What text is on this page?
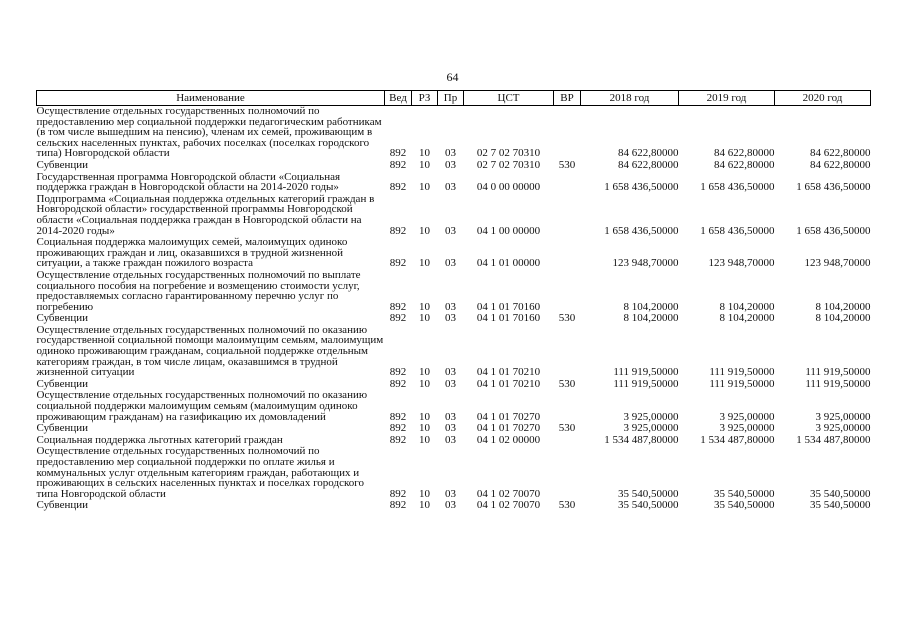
64
Наименование	Вед	РЗ	Пр	ЦСТ	ВР	2018 год	2019 год	2020 год
Осуществление отдельных государственных полномочий по предоставлению мер социальной поддержки педагогическим работникам (в том числе вышедшим на пенсию), членам их семей, проживающим в сельских населенных пунктах, рабочих поселках (поселках городского типа) Новгородской области	892	10	03	02 7 02 70310		84 622,80000	84 622,80000	84 622,80000
Субвенции	892	10	03	02 7 02 70310	530	84 622,80000	84 622,80000	84 622,80000
Государственная программа Новгородской области «Социальная поддержка граждан в Новгородской области на 2014-2020 годы»	892	10	03	04 0 00 00000		1 658 436,50000	1 658 436,50000	1 658 436,50000
Подпрограмма «Социальная поддержка отдельных категорий граждан в Новгородской области» государственной программы Новгородской области «Социальная поддержка граждан в Новгородской области на 2014-2020 годы»	892	10	03	04 1 00 00000		1 658 436,50000	1 658 436,50000	1 658 436,50000
Социальная поддержка малоимущих семей, малоимущих одиноко проживающих граждан и лиц, оказавшихся в трудной жизненной ситуации, а также граждан пожилого возраста	892	10	03	04 1 01 00000		123 948,70000	123 948,70000	123 948,70000
Осуществление отдельных государственных полномочий по выплате социального пособия на погребение и возмещению стоимости услуг, предоставляемых согласно гарантированному перечню услуг по погребению	892	10	03	04 1 01 70160		8 104,20000	8 104,20000	8 104,20000
Субвенции	892	10	03	04 1 01 70160	530	8 104,20000	8 104,20000	8 104,20000
Осуществление отдельных государственных полномочий по оказанию государственной социальной помощи малоимущим семьям, малоимущим одиноко проживающим гражданам, социальной поддержке отдельным категориям граждан, в том числе лицам, оказавшимся в трудной жизненной ситуации	892	10	03	04 1 01 70210		111 919,50000	111 919,50000	111 919,50000
Субвенции	892	10	03	04 1 01 70210	530	111 919,50000	111 919,50000	111 919,50000
Осуществление отдельных государственных полномочий по оказанию социальной поддержки малоимущим семьям (малоимущим одиноко проживающим гражданам) на газификацию их домовладений	892	10	03	04 1 01 70270		3 925,00000	3 925,00000	3 925,00000
Субвенции	892	10	03	04 1 01 70270	530	3 925,00000	3 925,00000	3 925,00000
Социальная поддержка льготных категорий граждан	892	10	03	04 1 02 00000		1 534 487,80000	1 534 487,80000	1 534 487,80000
Осуществление отдельных государственных полномочий по предоставлению мер социальной поддержки по оплате жилья и коммунальных услуг отдельным категориям граждан, работающих и проживающих в сельских населенных пунктах и поселках городского типа Новгородской области	892	10	03	04 1 02 70070		35 540,50000	35 540,50000	35 540,50000
Субвенции	892	10	03	04 1 02 70070	530	35 540,50000	35 540,50000	35 540,50000
